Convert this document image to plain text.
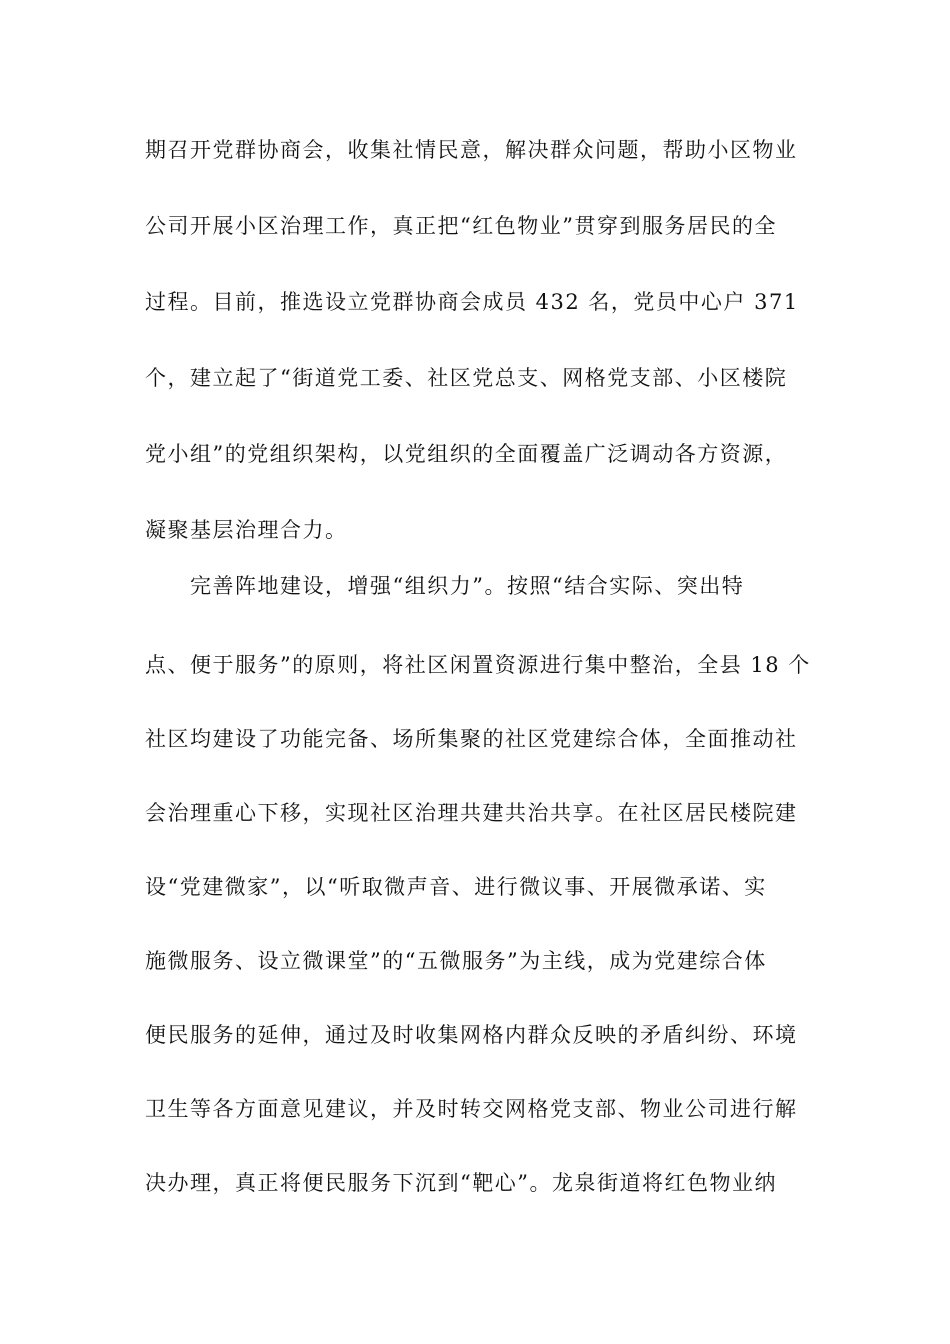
期召开党群协商会，收集社情民意，解决群众问题，帮助小区物业
公司开展小区治理工作，真正把“红色物业”贯穿到服务居民的全
过程。目前，推选设立党群协商会成员 432 名，党员中心户 371
个，建立起了“街道党工委、社区党总支、网格党支部、小区楼院
党小组”的党组织架构，以党组织的全面覆盖广泛调动各方资源，
凝聚基层治理合力。
完善阵地建设，增强“组织力”。按照“结合实际、突出特
点、便于服务”的原则，将社区闲置资源进行集中整治，全县 18 个
社区均建设了功能完备、场所集聚的社区党建综合体，全面推动社
会治理重心下移，实现社区治理共建共治共享。在社区居民楼院建
设“党建微家”，以“听取微声音、进行微议事、开展微承诺、实
施微服务、设立微课堂”的“五微服务”为主线，成为党建综合体
便民服务的延伸，通过及时收集网格内群众反映的矛盾纠纷、环境
卫生等各方面意见建议，并及时转交网格党支部、物业公司进行解
决办理，真正将便民服务下沉到“靶心”。龙泉街道将红色物业纳
